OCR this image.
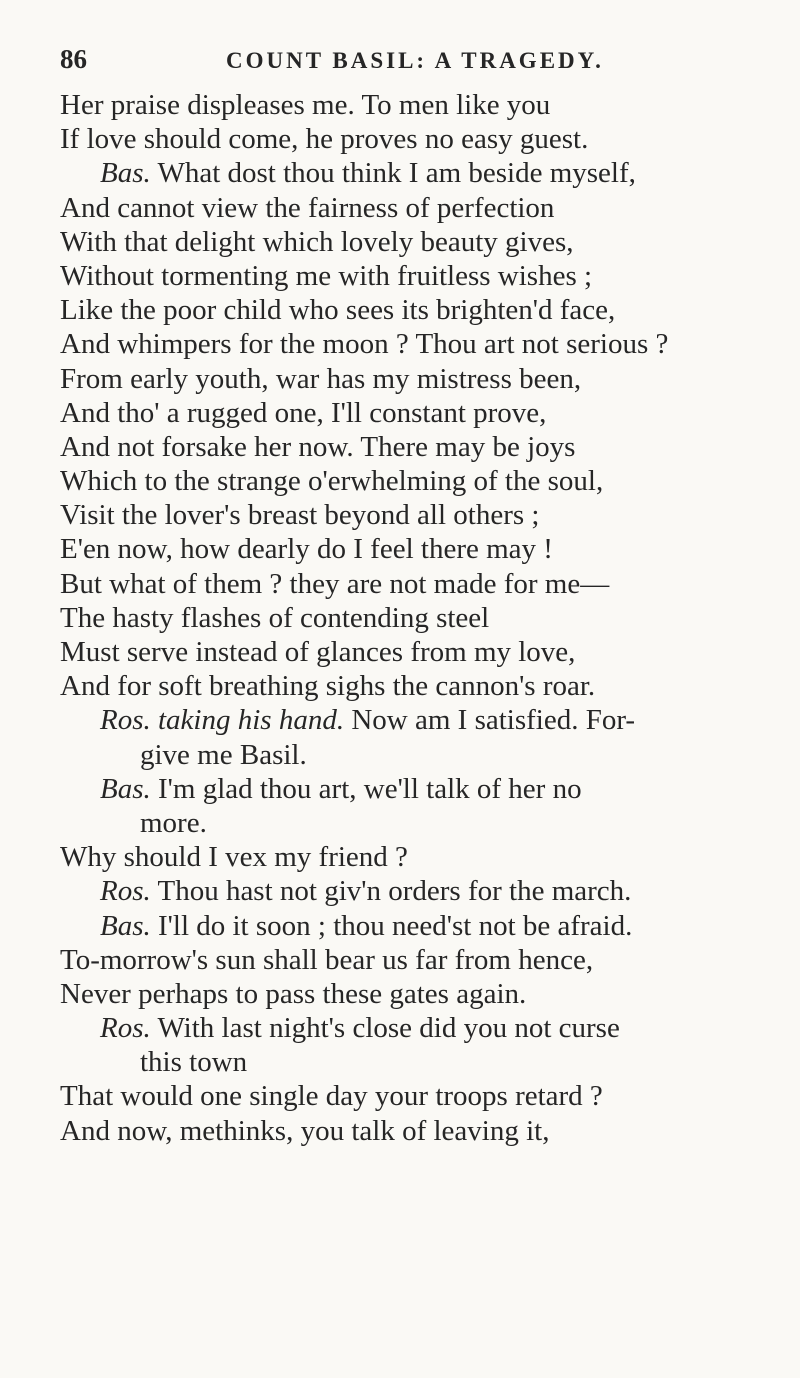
86	COUNT BASIL: A TRAGEDY.
Her praise displeases me. To men like you
If love should come, he proves no easy guest.
Bas. What dost thou think I am beside myself,
And cannot view the fairness of perfection
With that delight which lovely beauty gives,
Without tormenting me with fruitless wishes ;
Like the poor child who sees its brighten'd face,
And whimpers for the moon ? Thou art not serious ?
From early youth, war has my mistress been,
And tho' a rugged one, I'll constant prove,
And not forsake her now. There may be joys
Which to the strange o'erwhelming of the soul,
Visit the lover's breast beyond all others ;
E'en now, how dearly do I feel there may !
But what of them ? they are not made for me—
The hasty flashes of contending steel
Must serve instead of glances from my love,
And for soft breathing sighs the cannon's roar.
Ros. taking his hand. Now am I satisfied. For-
give me Basil.
Bas. I'm glad thou art, we'll talk of her no
more.
Why should I vex my friend ?
Ros. Thou hast not giv'n orders for the march.
Bas. I'll do it soon ; thou need'st not be afraid.
To-morrow's sun shall bear us far from hence,
Never perhaps to pass these gates again.
Ros. With last night's close did you not curse
this town
That would one single day your troops retard ?
And now, methinks, you talk of leaving it,
